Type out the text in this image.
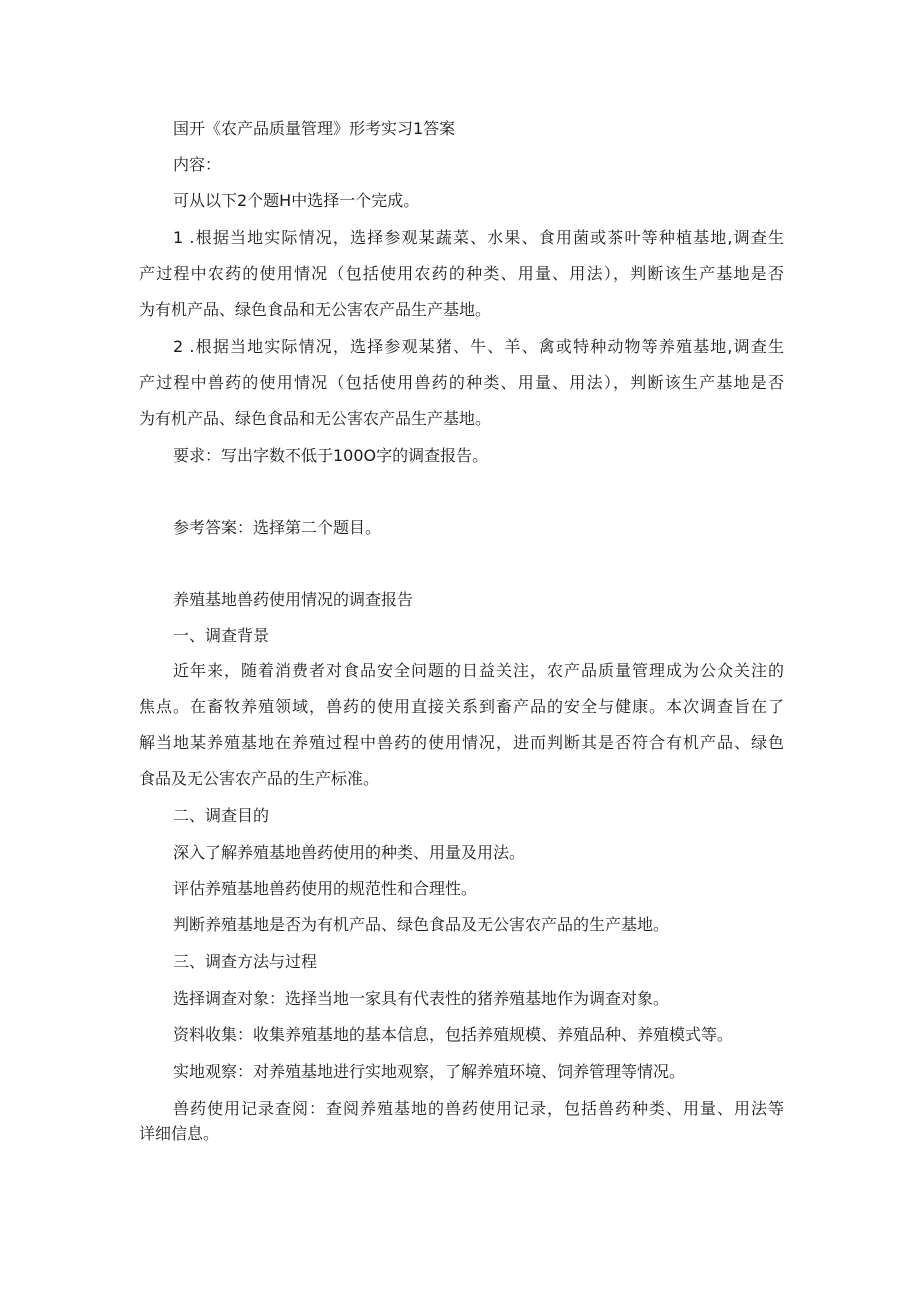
国开《农产品质量管理》形考实习1答案
内容：
可从以下2个题H中选择一个完成。
1 .根据当地实际情况，选择参观某蔬菜、水果、食用菌或茶叶等种植基地,调查生
产过程中农药的使用情况（包括使用农药的种类、用量、用法），判断该生产基地是否
为有机产品、绿色食品和无公害农产品生产基地。
2 .根据当地实际情况，选择参观某猪、牛、羊、禽或特种动物等养殖基地,调查生
产过程中兽药的使用情况（包括使用兽药的种类、用量、用法），判断该生产基地是否
为有机产品、绿色食品和无公害农产品生产基地。
要求：写出字数不低于100O字的调查报告。
参考答案：选择第二个题目。
养殖基地兽药使用情况的调查报告
一、调查背景
近年来，随着消费者对食品安全问题的日益关注，农产品质量管理成为公众关注的
焦点。在畜牧养殖领域，兽药的使用直接关系到畜产品的安全与健康。本次调查旨在了
解当地某养殖基地在养殖过程中兽药的使用情况，进而判断其是否符合有机产品、绿色
食品及无公害农产品的生产标准。
二、调查目的
深入了解养殖基地兽药使用的种类、用量及用法。
评估养殖基地兽药使用的规范性和合理性。
判断养殖基地是否为有机产品、绿色食品及无公害农产品的生产基地。
三、调查方法与过程
选择调查对象：选择当地一家具有代表性的猪养殖基地作为调查对象。
资料收集：收集养殖基地的基本信息，包括养殖规模、养殖品种、养殖模式等。
实地观察：对养殖基地进行实地观察，了解养殖环境、饲养管理等情况。
兽药使用记录查阅：查阅养殖基地的兽药使用记录，包括兽药种类、用量、用法等
详细信息。
